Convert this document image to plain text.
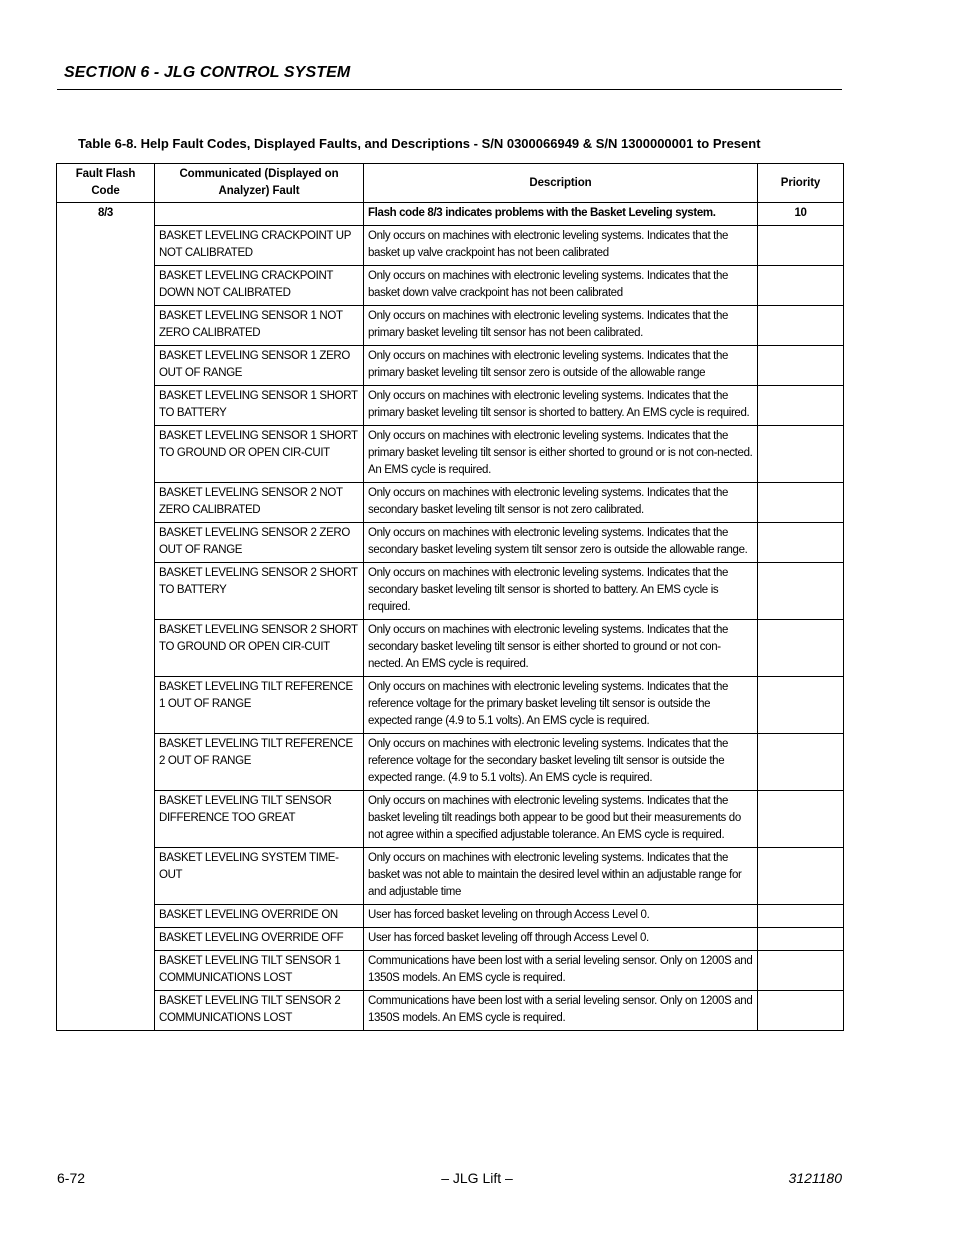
SECTION 6 - JLG CONTROL SYSTEM
Table 6-8. Help Fault Codes, Displayed Faults, and Descriptions - S/N 0300066949 & S/N 1300000001 to Present
Fault Flash Code	Communicated (Displayed on Analyzer) Fault	Description	Priority
8/3		Flash code 8/3 indicates problems with the Basket Leveling system.	10
	BASKET LEVELING CRACKPOINT UP NOT CALIBRATED	Only occurs on machines with electronic leveling systems. Indicates that the basket up valve crackpoint has not been calibrated	
	BASKET LEVELING CRACKPOINT DOWN NOT CALIBRATED	Only occurs on machines with electronic leveling systems. Indicates that the basket down valve crackpoint has not been calibrated	
	BASKET LEVELING SENSOR 1 NOT ZERO CALIBRATED	Only occurs on machines with electronic leveling systems. Indicates that the primary basket leveling tilt sensor has not been calibrated.	
	BASKET LEVELING SENSOR 1 ZERO OUT OF RANGE	Only occurs on machines with electronic leveling systems. Indicates that the primary basket leveling tilt sensor zero is outside of the allowable range	
	BASKET LEVELING SENSOR 1 SHORT TO BATTERY	Only occurs on machines with electronic leveling systems. Indicates that the primary basket leveling tilt sensor is shorted to battery. An EMS cycle is required.	
	BASKET LEVELING SENSOR 1 SHORT TO GROUND OR OPEN CIR-CUIT	Only occurs on machines with electronic leveling systems. Indicates that the primary basket leveling tilt sensor is either shorted to ground or is not con-nected. An EMS cycle is required.	
	BASKET LEVELING SENSOR 2 NOT ZERO CALIBRATED	Only occurs on machines with electronic leveling systems. Indicates that the secondary basket leveling tilt sensor is not zero calibrated.	
	BASKET LEVELING SENSOR 2 ZERO OUT OF RANGE	Only occurs on machines with electronic leveling systems. Indicates that the secondary basket leveling system tilt sensor zero is outside the allowable range.	
	BASKET LEVELING SENSOR 2 SHORT TO BATTERY	Only occurs on machines with electronic leveling systems. Indicates that the secondary basket leveling tilt sensor is shorted to battery. An EMS cycle is required.	
	BASKET LEVELING SENSOR 2 SHORT TO GROUND OR OPEN CIR-CUIT	Only occurs on machines with electronic leveling systems. Indicates that the secondary basket leveling tilt sensor is either shorted to ground or not con-nected. An EMS cycle is required.	
	BASKET LEVELING TILT REFERENCE 1 OUT OF RANGE	Only occurs on machines with electronic leveling systems. Indicates that the reference voltage for the primary basket leveling tilt sensor is outside the expected range (4.9 to 5.1 volts). An EMS cycle is required.	
	BASKET LEVELING TILT REFERENCE 2 OUT OF RANGE	Only occurs on machines with electronic leveling systems. Indicates that the reference voltage for the secondary basket leveling tilt sensor is outside the expected range. (4.9 to 5.1 volts). An EMS cycle is required.	
	BASKET LEVELING TILT SENSOR DIFFERENCE TOO GREAT	Only occurs on machines with electronic leveling systems. Indicates that the basket leveling tilt readings both appear to be good but their measurements do not agree within a specified adjustable tolerance. An EMS cycle is required.	
	BASKET LEVELING SYSTEM TIME-OUT	Only occurs on machines with electronic leveling systems. Indicates that the basket was not able to maintain the desired level within an adjustable range for and adjustable time	
	BASKET LEVELING OVERRIDE ON	User has forced basket leveling on through Access Level 0.	
	BASKET LEVELING OVERRIDE OFF	User has forced basket leveling off through Access Level 0.	
	BASKET LEVELING TILT SENSOR 1 COMMUNICATIONS LOST	Communications have been lost with a serial leveling sensor. Only on 1200S and 1350S models. An EMS cycle is required.	
	BASKET LEVELING TILT SENSOR 2 COMMUNICATIONS LOST	Communications have been lost with a serial leveling sensor. Only on 1200S and 1350S models. An EMS cycle is required.	
6-72	– JLG Lift –	3121180
